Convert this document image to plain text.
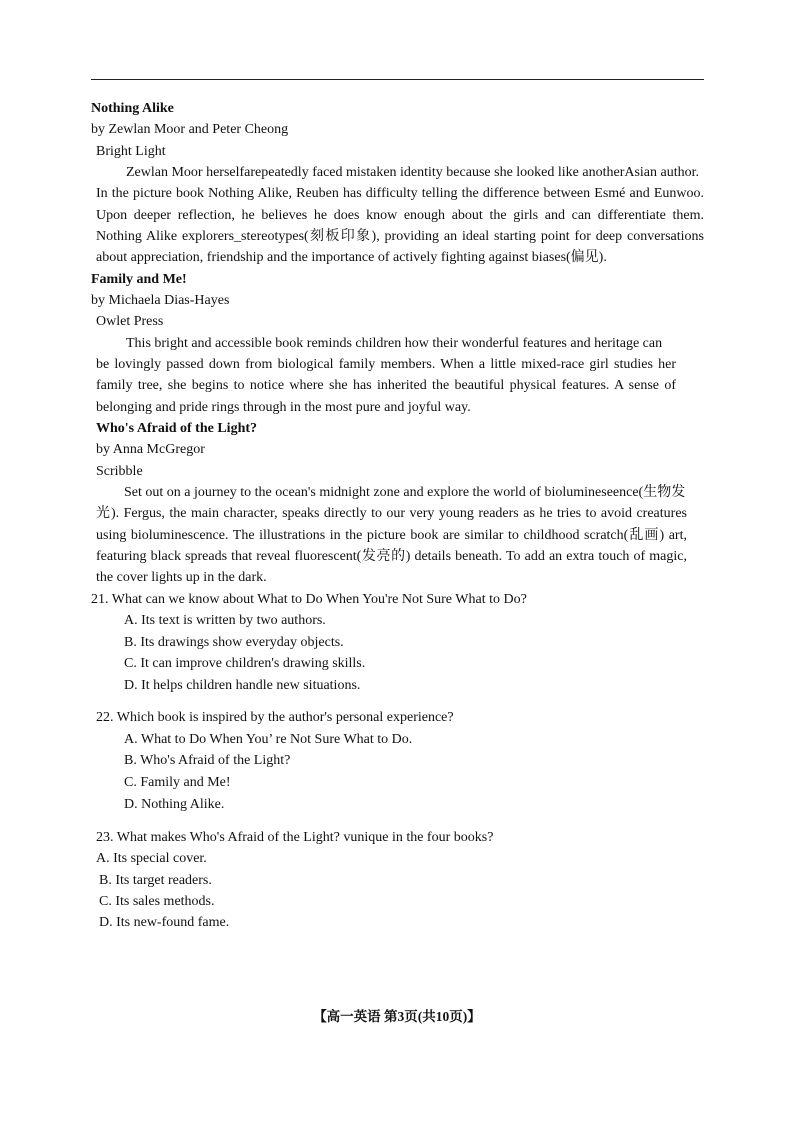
Nothing Alike
by Zewlan Moor and Peter Cheong
Bright Light
Zewlan Moor herselfarepeatedly faced mistaken identity because she looked like anotherAsian author.
In the picture book Nothing Alike, Reuben has difficulty telling the difference between Esmé and Eunwoo.
Upon deeper reflection, he believes he does know enough about the girls and can differentiate them.
Nothing Alike explorers_stereotypes(刻板印象), providing an ideal starting point for deep conversations
about appreciation, friendship and the importance of actively fighting against biases(偏见).
Family and Me!
by Michaela Dias-Hayes
Owlet Press
This bright and accessible book reminds children how their wonderful features and heritage can
be lovingly passed down from biological family members. When a little mixed-race girl studies her
family tree, she begins to notice where she has inherited the beautiful physical features. A sense of
belonging and pride rings through in the most pure and joyful way.
Who's Afraid of the Light?
by Anna McGregor
Scribble
Set out on a journey to the ocean's midnight zone and explore the world of biolumineseence(生物发
光). Fergus, the main character, speaks directly to our very young readers as he tries to avoid creatures
using bioluminescence. The illustrations in the picture book are similar to childhood scratch(乱画) art,
featuring black spreads that reveal fluorescent(发亮的) details beneath. To add an extra touch of magic,
the cover lights up in the dark.
21. What can we know about What to Do When You're Not Sure What to Do?
A. Its text is written by two authors.
B. Its drawings show everyday objects.
C. It can improve children's drawing skills.
D. It helps children handle new situations.
22. Which book is inspired by the author's personal experience?
A. What to Do When You’ re Not Sure What to Do.
B. Who's Afraid of the Light?
C. Family and Me!
D. Nothing Alike.
23. What makes Who's Afraid of the Light? vunique in the four books?
A. Its special cover.
B. Its target readers.
C. Its sales methods.
D. Its new-found fame.
【高一英语 第3页(共10页)】
